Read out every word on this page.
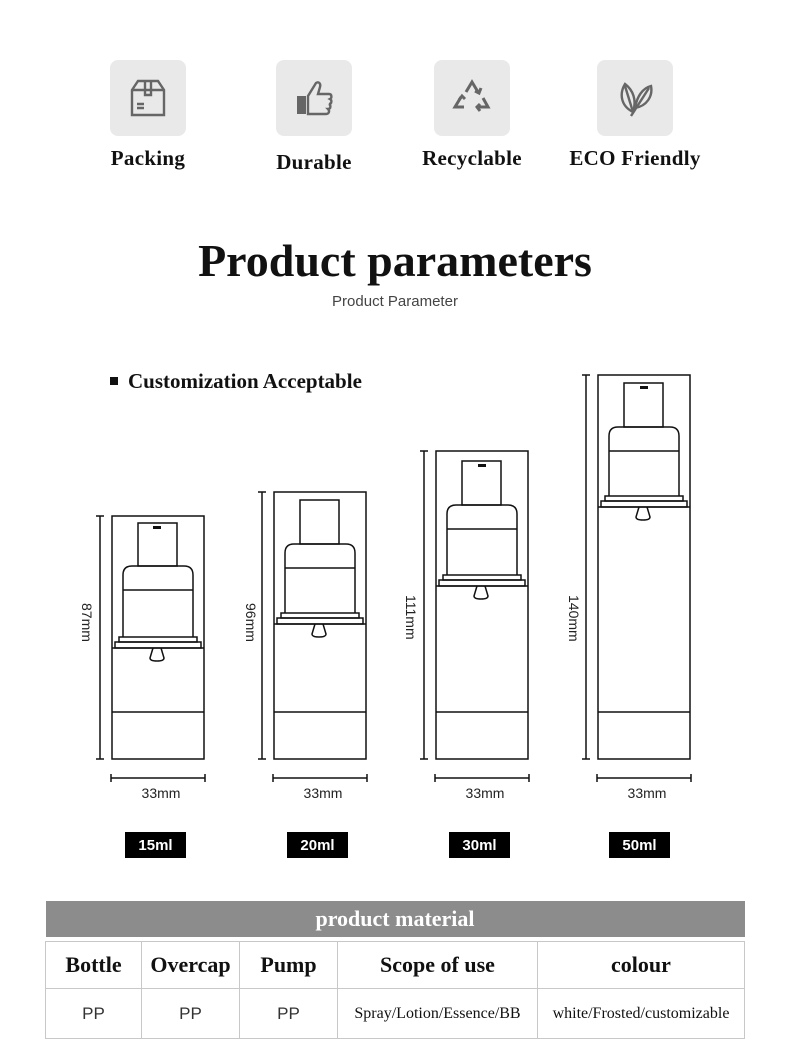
Packing	Durable	Recyclable	ECO Friendly
Product parameters
Product Parameter
Customization Acceptable
87mm	96mm	111mm	140mm
33mm	33mm	33mm	33mm
15ml	20ml	30ml	50ml
product material				

Bottle	Overcap	Pump	Scope of use	colour
PP	PP	PP	Spray/Lotion/Essence/BB	white/Frosted/customizable
